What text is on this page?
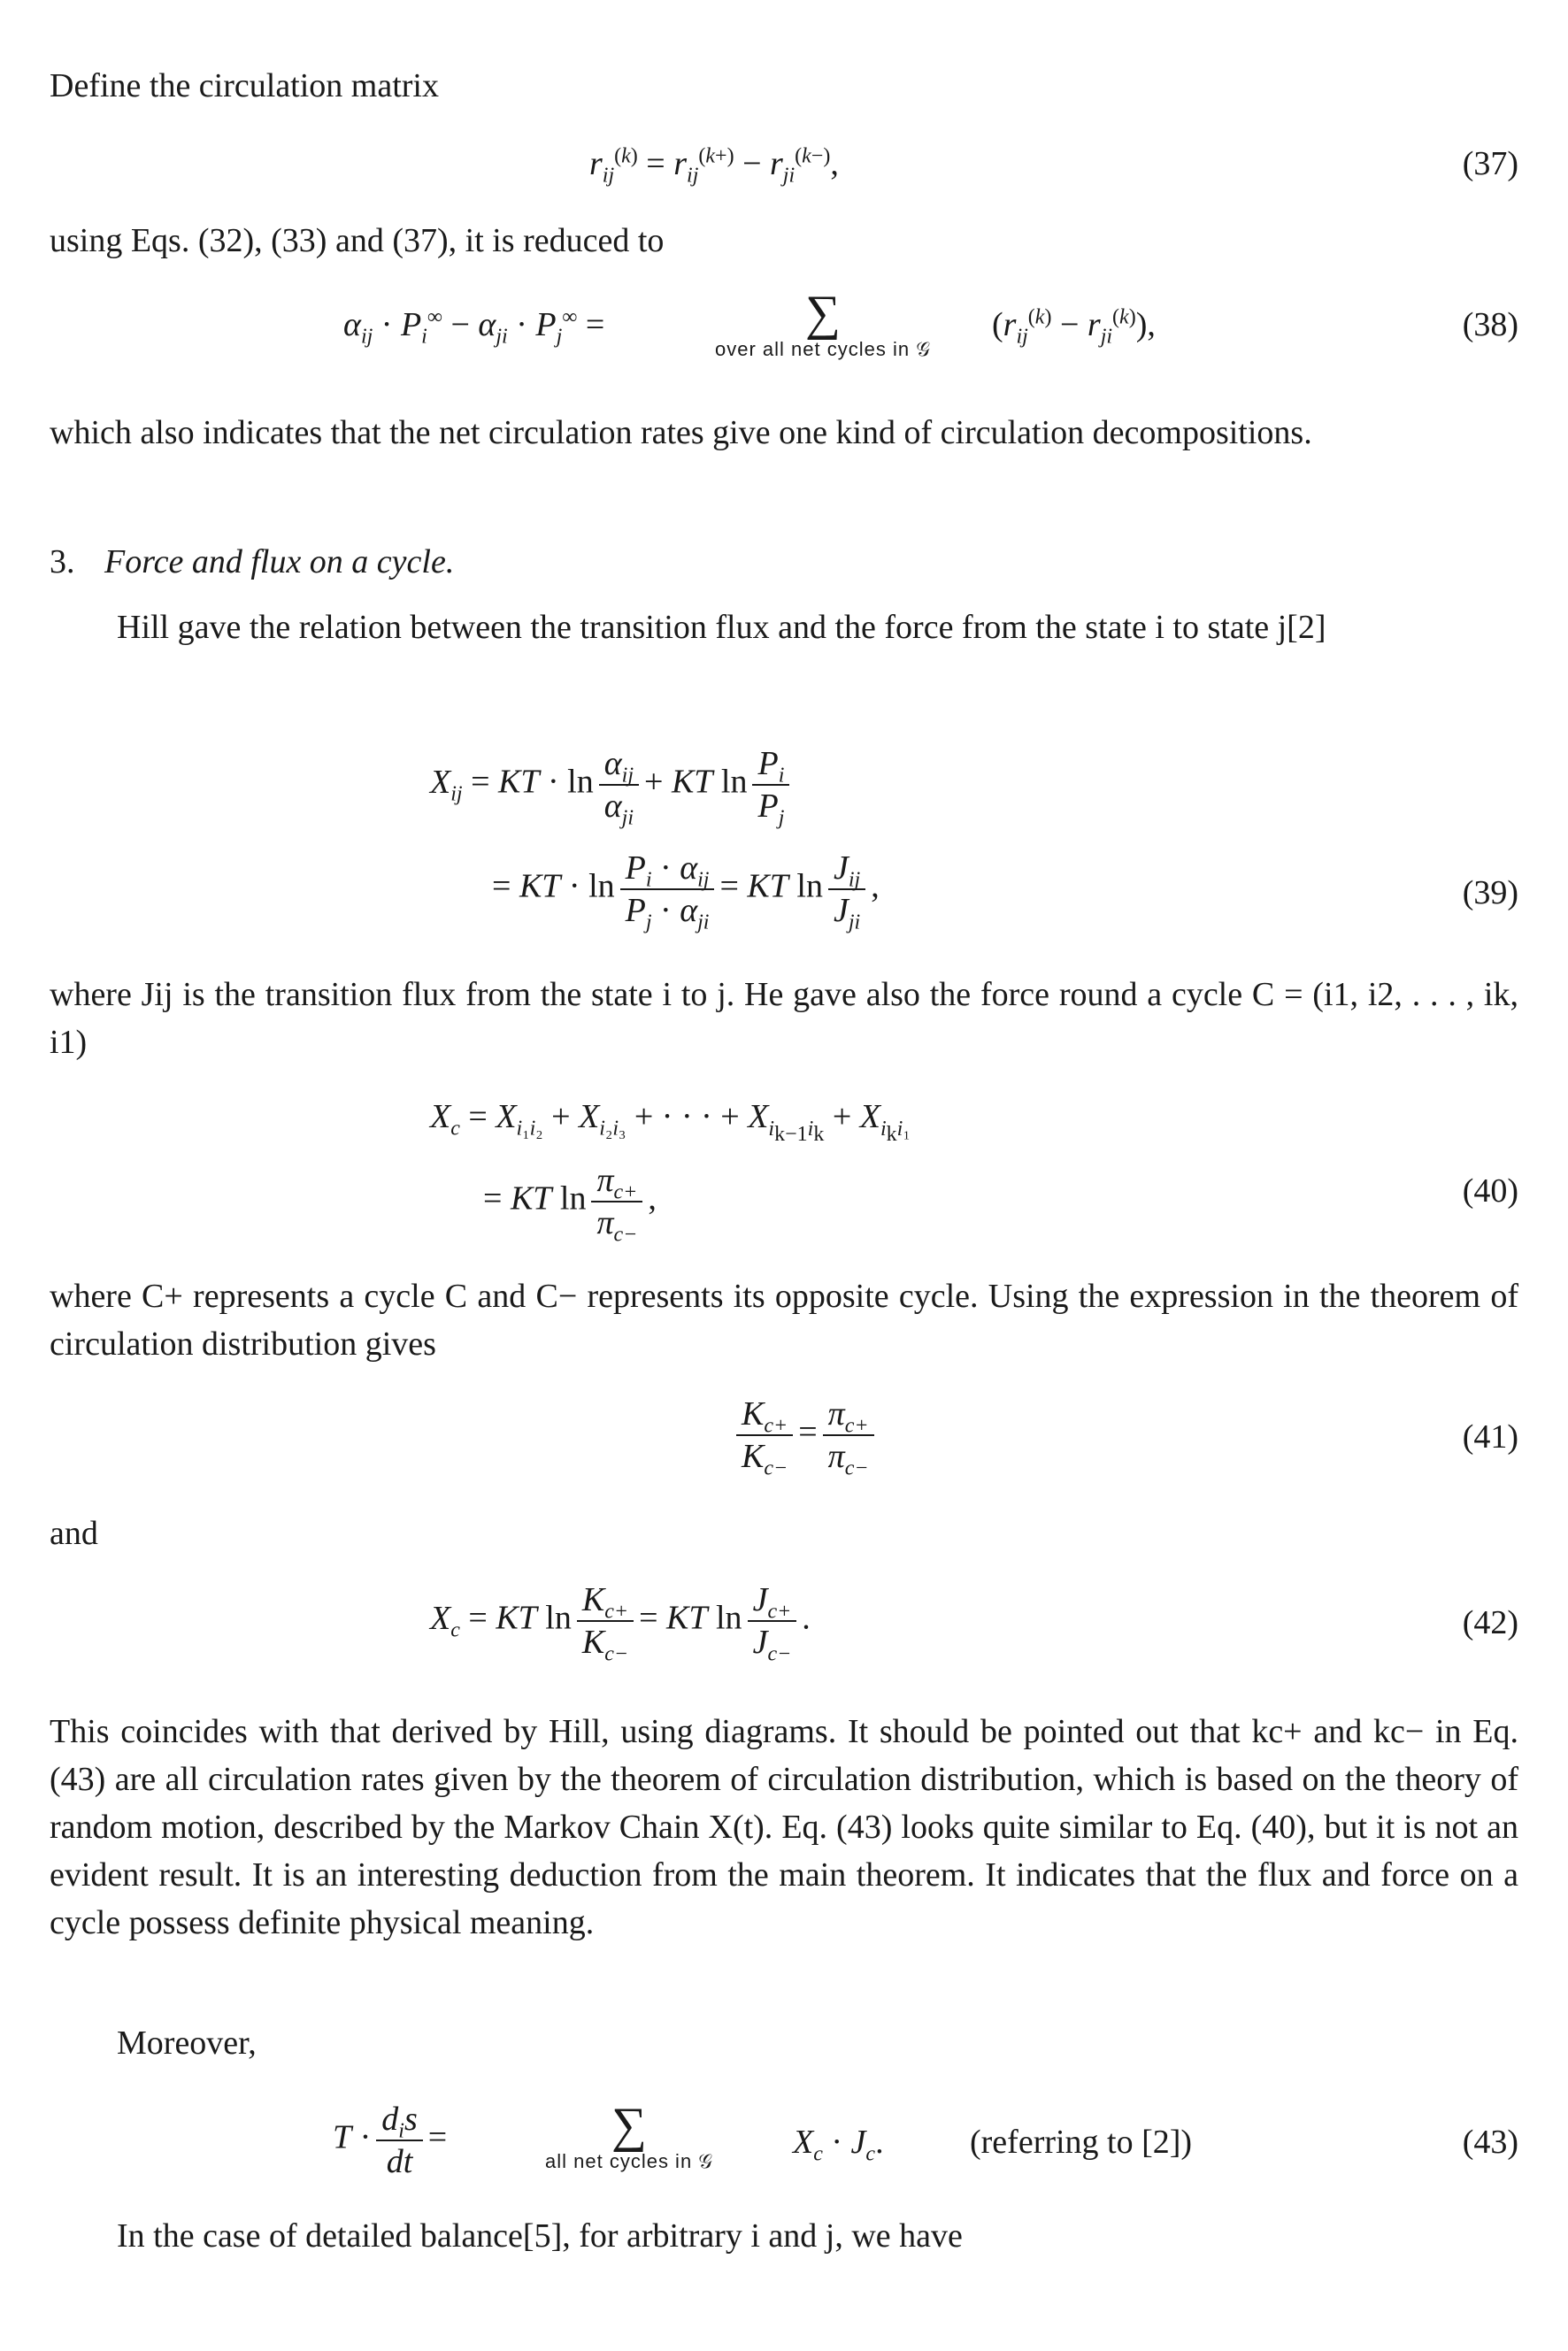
Define the circulation matrix
$r_{ij}^{(k)} = r_{ij}^{(k+)} - r_{ji}^{(k-)}$,	(37)
using Eqs. (32), (33) and (37), it is reduced to
$\alpha_{ij} \cdot P_i^\infty - \alpha_{ji} \cdot P_j^\infty$ =	∑
over all net cycles in 𝒢
$(r_{ij}^{(k)} - r_{ji}^{(k)})$,	(38)
which also indicates that the net circulation rates give one kind of circulation decompositions.
3. Force and flux on a cycle.
Hill gave the relation between the transition flux and the force from the state i to state j[2]
$X_{ij}$ = KT · $\ln \frac{\alpha_{ij}}{\alpha_{ji}}$ + KT $\ln \frac{P_i}{P_j}$
= KT · $\ln \frac{P_i \cdot \alpha_{ij}}{P_j \cdot \alpha_{ji}}$ = KT $\ln \frac{J_{ij}}{J_{ji}}$ ,	(39)
where Jij is the transition flux from the state i to j. He gave also the force round a cycle C = (i1, i2, . . . , ik, i1)
$X_c = X_{i_1i_2} + X_{i_2i_3}$ + · · · + $X_{i_{k-1}i_k} + X_{i_ki_1}$
= KT $\ln \frac{\pi_{c+}}{\pi_{c-}}$ ,	(40)
where C+ represents a cycle C and C− represents its opposite cycle. Using the expression in the theorem of circulation distribution gives
$\frac{K_{c+}}{K_{c-}} = \frac{\pi_{c+}}{\pi_{c-}}$	(41)
and
$X_c$ = KT $\ln \frac{K_{c+}}{K_{c-}}$ = KT $\ln \frac{J_{c+}}{J_{c-}}$ .	(42)
This coincides with that derived by Hill, using diagrams. It should be pointed out that kc+ and kc− in Eq. (43) are all circulation rates given by the theorem of circulation distribution, which is based on the theory of random motion, described by the Markov Chain X(t). Eq. (43) looks quite similar to Eq. (40), but it is not an evident result. It is an interesting deduction from the main theorem. It indicates that the flux and force on a cycle possess definite physical meaning.
Moreover,
$T \cdot \frac{d_is}{dt}$ =	∑
all net cycles in 𝒢
$X_c \cdot J_c$.	(referring to [2])	(43)
In the case of detailed balance[5], for arbitrary i and j, we have
